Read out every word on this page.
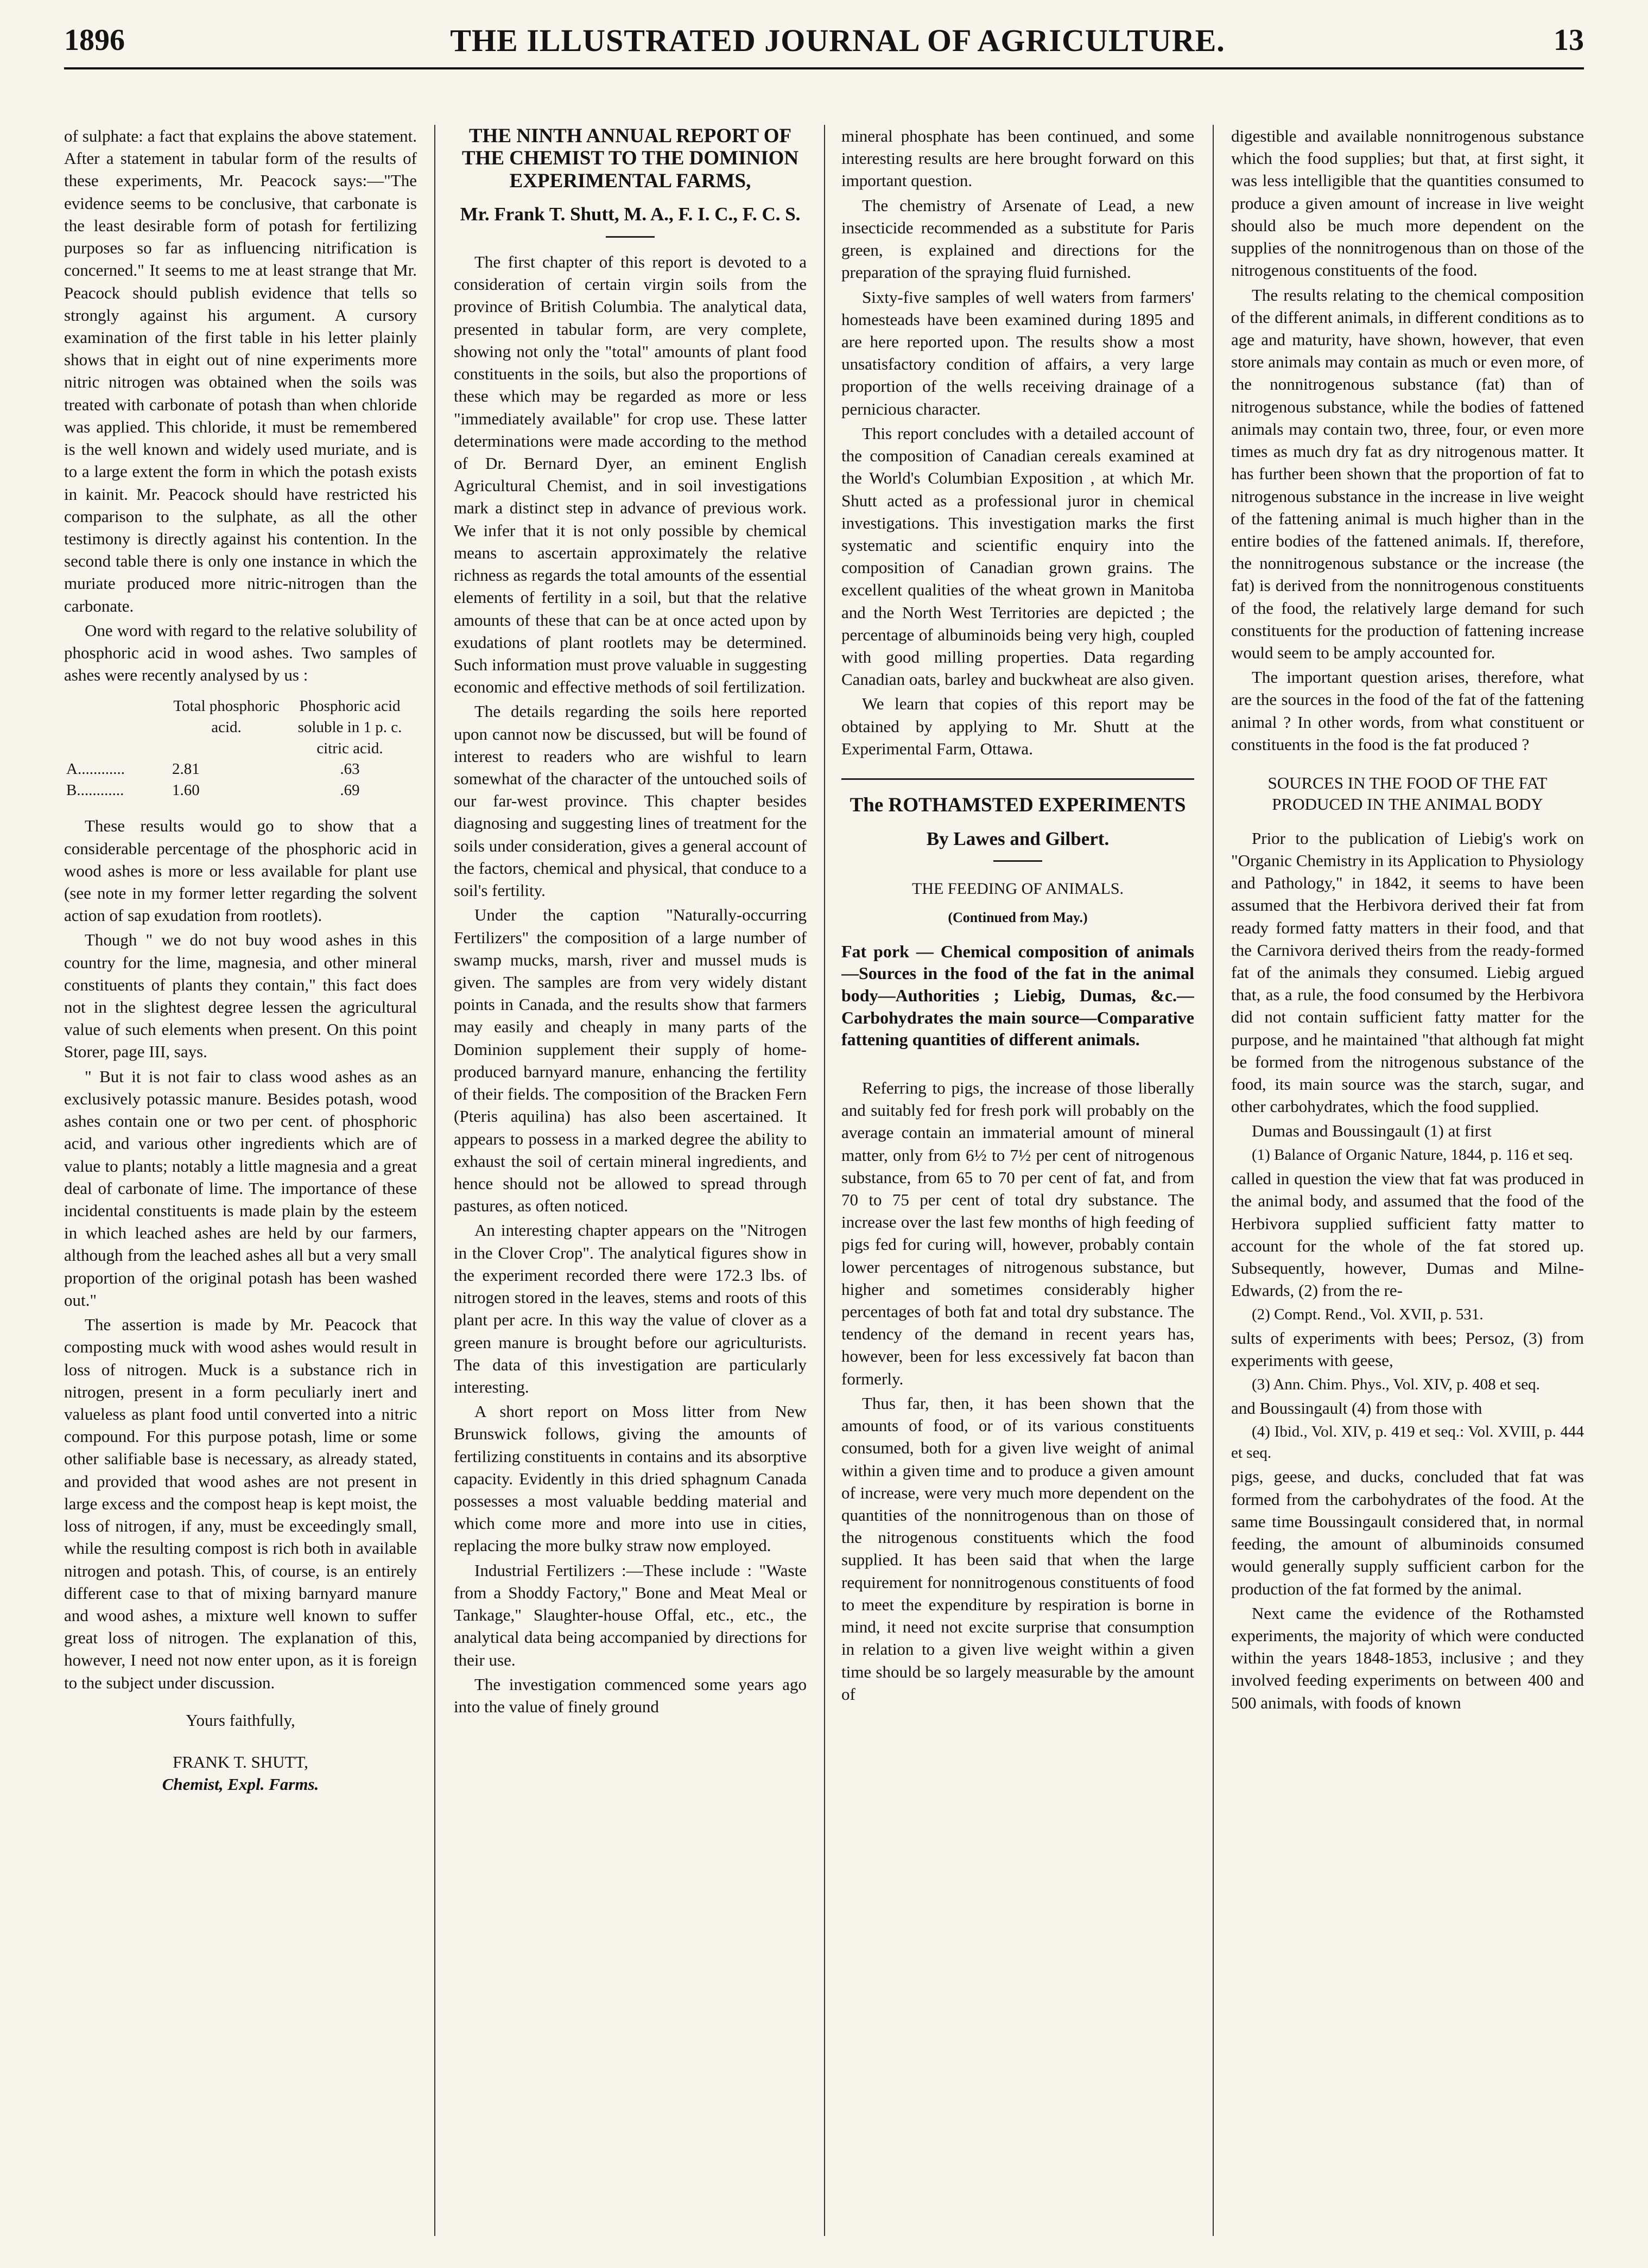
1896	THE ILLUSTRATED JOURNAL OF AGRICULTURE.	13

of sulphate: a fact that explains the above statement. After a statement in tabular form of the results of these experiments, Mr. Peacock says:—"The evidence seems to be conclusive, that carbonate is the least desirable form of potash for fertilizing purposes so far as influencing nitrification is concerned." It seems to me at least strange that Mr. Peacock should publish evidence that tells so strongly against his argument. A cursory examination of the first table in his letter plainly shows that in eight out of nine experiments more nitric nitrogen was obtained when the soils was treated with carbonate of potash than when chloride was applied. This chloride, it must be remembered is the well known and widely used muriate, and is to a large extent the form in which the potash exists in kainit. Mr. Peacock should have restricted his comparison to the sulphate, as all the other testimony is directly against his contention. In the second table there is only one instance in which the muriate produced more nitric-nitrogen than the carbonate.

One word with regard to the relative solubility of phosphoric acid in wood ashes. Two samples of ashes were recently analysed by us :

	Total phosphoric acid.	Phosphoric acid soluble in 1 p. c. citric acid.
A............	2.81	.63
B............	1.60	.69

These results would go to show that a considerable percentage of the phosphoric acid in wood ashes is more or less available for plant use (see note in my former letter regarding the solvent action of sap exudation from rootlets).

Though " we do not buy wood ashes in this country for the lime, magnesia, and other mineral constituents of plants they contain," this fact does not in the slightest degree lessen the agricultural value of such elements when present. On this point Storer, page III, says.

" But it is not fair to class wood ashes as an exclusively potassic manure. Besides potash, wood ashes contain one or two per cent. of phosphoric acid, and various other ingredients which are of value to plants; notably a little magnesia and a great deal of carbonate of lime. The importance of these incidental constituents is made plain by the esteem in which leached ashes are held by our farmers, although from the leached ashes all but a very small proportion of the original potash has been washed out."

The assertion is made by Mr. Peacock that composting muck with wood ashes would result in loss of nitrogen. Muck is a substance rich in nitrogen, present in a form peculiarly inert and valueless as plant food until converted into a nitric compound. For this purpose potash, lime or some other salifiable base is necessary, as already stated, and provided that wood ashes are not present in large excess and the compost heap is kept moist, the loss of nitrogen, if any, must be exceedingly small, while the resulting compost is rich both in available nitrogen and potash. This, of course, is an entirely different case to that of mixing barnyard manure and wood ashes, a mixture well known to suffer great loss of nitrogen. The explanation of this, however, I need not now enter upon, as it is foreign to the subject under discussion.

Yours faithfully,

FRANK T. SHUTT,

Chemist, Expl. Farms.

THE NINTH ANNUAL REPORT OF THE CHEMIST TO THE DOMINION EXPERIMENTAL FARMS,
Mr. Frank T. Shutt, M. A., F. I. C., F. C. S.

The first chapter of this report is devoted to a consideration of certain virgin soils from the province of British Columbia. The analytical data, presented in tabular form, are very complete, showing not only the "total" amounts of plant food constituents in the soils, but also the proportions of these which may be regarded as more or less "immediately available" for crop use. These latter determinations were made according to the method of Dr. Bernard Dyer, an eminent English Agricultural Chemist, and in soil investigations mark a distinct step in advance of previous work. We infer that it is not only possible by chemical means to ascertain approximately the relative richness as regards the total amounts of the essential elements of fertility in a soil, but that the relative amounts of these that can be at once acted upon by exudations of plant rootlets may be determined. Such information must prove valuable in suggesting economic and effective methods of soil fertilization.

The details regarding the soils here reported upon cannot now be discussed, but will be found of interest to readers who are wishful to learn somewhat of the character of the untouched soils of our far-west province. This chapter besides diagnosing and suggesting lines of treatment for the soils under consideration, gives a general account of the factors, chemical and physical, that conduce to a soil's fertility.

Under the caption "Naturally-occurring Fertilizers" the composition of a large number of swamp mucks, marsh, river and mussel muds is given. The samples are from very widely distant points in Canada, and the results show that farmers may easily and cheaply in many parts of the Dominion supplement their supply of home-produced barnyard manure, enhancing the fertility of their fields. The composition of the Bracken Fern (Pteris aquilina) has also been ascertained. It appears to possess in a marked degree the ability to exhaust the soil of certain mineral ingredients, and hence should not be allowed to spread through pastures, as often noticed.

An interesting chapter appears on the "Nitrogen in the Clover Crop". The analytical figures show in the experiment recorded there were 172.3 lbs. of nitrogen stored in the leaves, stems and roots of this plant per acre. In this way the value of clover as a green manure is brought before our agriculturists. The data of this investigation are particularly interesting.

A short report on Moss litter from New Brunswick follows, giving the amounts of fertilizing constituents in contains and its absorptive capacity. Evidently in this dried sphagnum Canada possesses a most valuable bedding material and which come more and more into use in cities, replacing the more bulky straw now employed.

Industrial Fertilizers :—These include : "Waste from a Shoddy Factory," Bone and Meat Meal or Tankage," Slaughter-house Offal, etc., etc., the analytical data being accompanied by directions for their use.

The investigation commenced some years ago into the value of finely ground

mineral phosphate has been continued, and some interesting results are here brought forward on this important question.

The chemistry of Arsenate of Lead, a new insecticide recommended as a substitute for Paris green, is explained and directions for the preparation of the spraying fluid furnished.

Sixty-five samples of well waters from farmers' homesteads have been examined during 1895 and are here reported upon. The results show a most unsatisfactory condition of affairs, a very large proportion of the wells receiving drainage of a pernicious character.

This report concludes with a detailed account of the composition of Canadian cereals examined at the World's Columbian Exposition , at which Mr. Shutt acted as a professional juror in chemical investigations. This investigation marks the first systematic and scientific enquiry into the composition of Canadian grown grains. The excellent qualities of the wheat grown in Manitoba and the North West Territories are depicted ; the percentage of albuminoids being very high, coupled with good milling properties. Data regarding Canadian oats, barley and buckwheat are also given.

We learn that copies of this report may be obtained by applying to Mr. Shutt at the Experimental Farm, Ottawa.

The ROTHAMSTED EXPERIMENTS
By Lawes and Gilbert.
THE FEEDING OF ANIMALS.
(Continued from May.)

Fat pork — Chemical composition of animals—Sources in the food of the fat in the animal body—Authorities ; Liebig, Dumas, &c.—Carbohydrates the main source—Comparative fattening quantities of different animals.

Referring to pigs, the increase of those liberally and suitably fed for fresh pork will probably on the average contain an immaterial amount of mineral matter, only from 6½ to 7½ per cent of nitrogenous substance, from 65 to 70 per cent of fat, and from 70 to 75 per cent of total dry substance. The increase over the last few months of high feeding of pigs fed for curing will, however, probably contain lower percentages of nitrogenous substance, but higher and sometimes considerably higher percentages of both fat and total dry substance. The tendency of the demand in recent years has, however, been for less excessively fat bacon than formerly.

Thus far, then, it has been shown that the amounts of food, or of its various constituents consumed, both for a given live weight of animal within a given time and to produce a given amount of increase, were very much more dependent on the quantities of the nonnitrogenous than on those of the nitrogenous constituents which the food supplied. It has been said that when the large requirement for nonnitrogenous constituents of food to meet the expenditure by respiration is borne in mind, it need not excite surprise that consumption in relation to a given live weight within a given time should be so largely measurable by the amount of

digestible and available nonnitrogenous substance which the food supplies; but that, at first sight, it was less intelligible that the quantities consumed to produce a given amount of increase in live weight should also be much more dependent on the supplies of the nonnitrogenous than on those of the nitrogenous constituents of the food.

The results relating to the chemical composition of the different animals, in different conditions as to age and maturity, have shown, however, that even store animals may contain as much or even more, of the nonnitrogenous substance (fat) than of nitrogenous substance, while the bodies of fattened animals may contain two, three, four, or even more times as much dry fat as dry nitrogenous matter. It has further been shown that the proportion of fat to nitrogenous substance in the increase in live weight of the fattening animal is much higher than in the entire bodies of the fattened animals. If, therefore, the nonnitrogenous substance or the increase (the fat) is derived from the nonnitrogenous constituents of the food, the relatively large demand for such constituents for the production of fattening increase would seem to be amply accounted for.

The important question arises, therefore, what are the sources in the food of the fat of the fattening animal ? In other words, from what constituent or constituents in the food is the fat produced ?

SOURCES IN THE FOOD OF THE FAT PRODUCED IN THE ANIMAL BODY

Prior to the publication of Liebig's work on "Organic Chemistry in its Application to Physiology and Pathology," in 1842, it seems to have been assumed that the Herbivora derived their fat from ready formed fatty matters in their food, and that the Carnivora derived theirs from the ready-formed fat of the animals they consumed. Liebig argued that, as a rule, the food consumed by the Herbivora did not contain sufficient fatty matter for the purpose, and he maintained "that although fat might be formed from the nitrogenous substance of the food, its main source was the starch, sugar, and other carbohydrates, which the food supplied.

Dumas and Boussingault (1) at first

(1) Balance of Organic Nature, 1844, p. 116 et seq.

called in question the view that fat was produced in the animal body, and assumed that the food of the Herbivora supplied sufficient fatty matter to account for the whole of the fat stored up. Subsequently, however, Dumas and Milne-Edwards, (2) from the re-

(2) Compt. Rend., Vol. XVII, p. 531.

sults of experiments with bees; Persoz, (3) from experiments with geese,

(3) Ann. Chim. Phys., Vol. XIV, p. 408 et seq.

and Boussingault (4) from those with

(4) Ibid., Vol. XIV, p. 419 et seq.: Vol. XVIII, p. 444 et seq.

pigs, geese, and ducks, concluded that fat was formed from the carbohydrates of the food. At the same time Boussingault considered that, in normal feeding, the amount of albuminoids consumed would generally supply sufficient carbon for the production of the fat formed by the animal.

Next came the evidence of the Rothamsted experiments, the majority of which were conducted within the years 1848-1853, inclusive ; and they involved feeding experiments on between 400 and 500 animals, with foods of known
